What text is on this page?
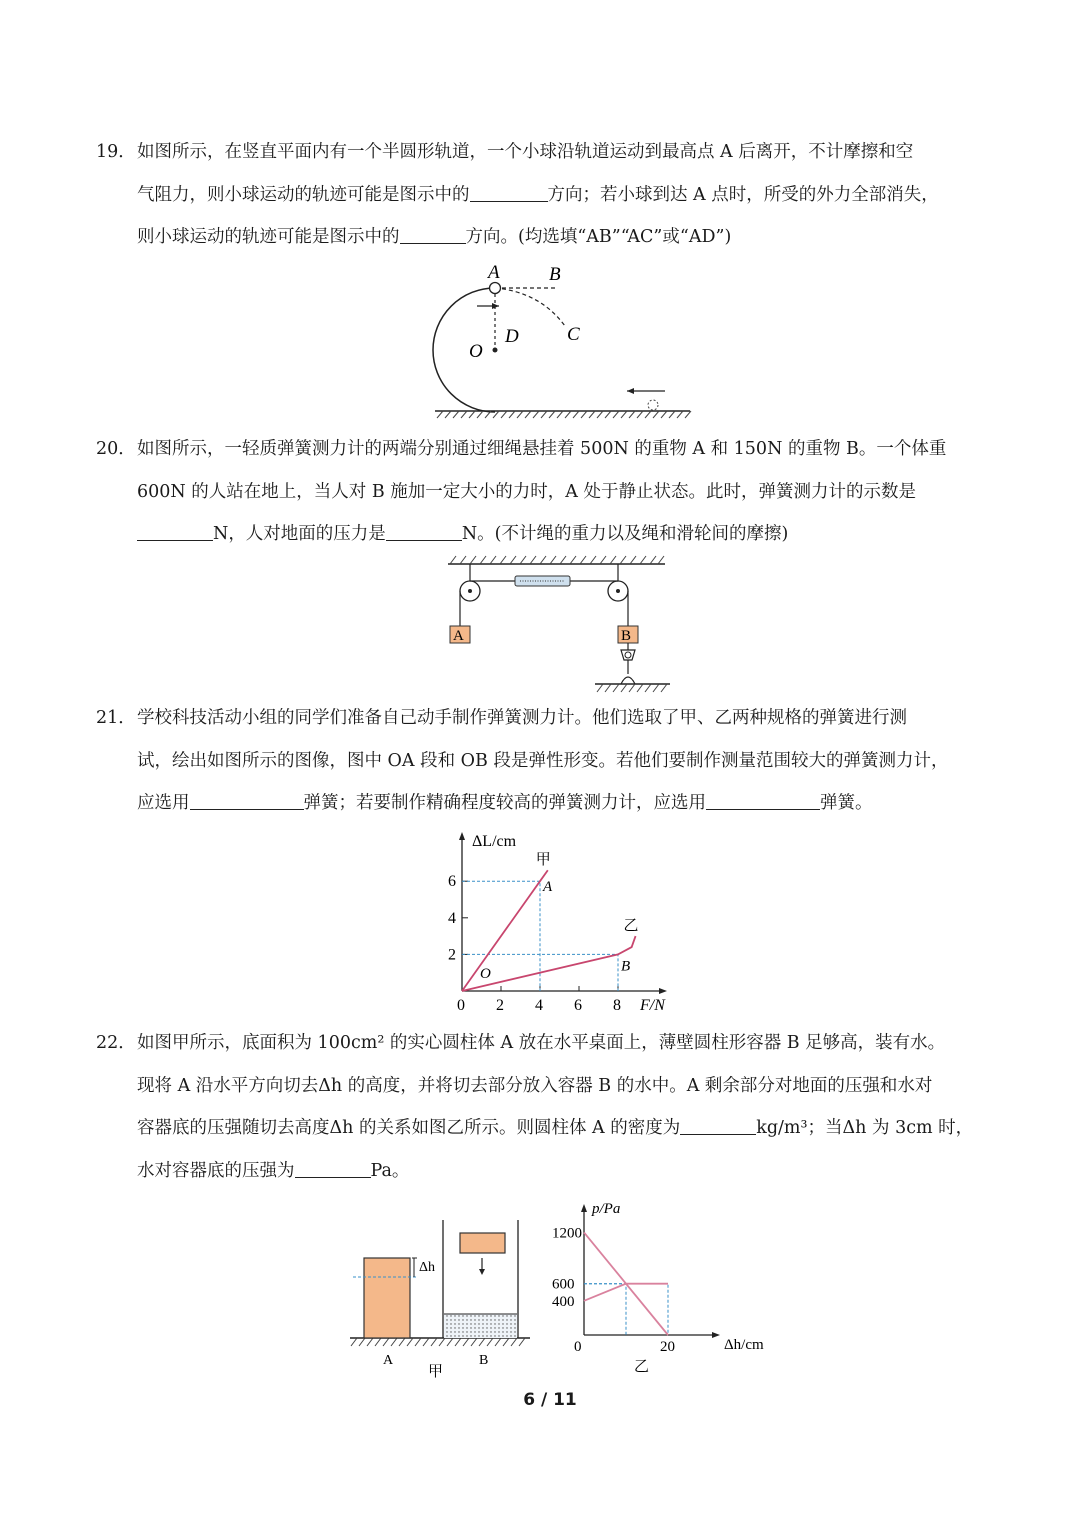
19． 如图所示，在竖直平面内有一个半圆形轨道，一个小球沿轨道运动到最高点 A 后离开，不计摩擦和空
气阻力，则小球运动的轨迹可能是图示中的	方向；若小球到达 A 点时，所受的外力全部消失，
则小球运动的轨迹可能是图示中的	方向。(均选填“AB”“AC”或“AD”)
A	B
C
D
O
20． 如图所示，一轻质弹簧测力计的两端分别通过细绳悬挂着 500N 的重物 A 和 150N 的重物 B。一个体重
600N 的人站在地上，当人对 B 施加一定大小的力时，A 处于静止状态。此时，弹簧测力计的示数是
N，人对地面的压力是	N。(不计绳的重力以及绳和滑轮间的摩擦)
A	B
21． 学校科技活动小组的同学们准备自己动手制作弹簧测力计。他们选取了甲、乙两种规格的弹簧进行测
试，绘出如图所示的图像，图中 OA 段和 OB 段是弹性形变。若他们要制作测量范围较大的弹簧测力计，
应选用	弹簧；若要制作精确程度较高的弹簧测力计，应选用	弹簧。
0 2 4 6 8
2
4
6
甲
A
乙
B
O
ΔL/cm
F/N
22． 如图甲所示，底面积为 100cm² 的实心圆柱体 A 放在水平桌面上，薄壁圆柱形容器 B 足够高，装有水。
现将 A 沿水平方向切去Δh 的高度，并将切去部分放入容器 B 的水中。A 剩余部分对地面的压强和水对
容器底的压强随切去高度Δh 的关系如图乙所示。则圆柱体 A 的密度为	kg/m³；当Δh 为 3cm 时，
水对容器底的压强为	Pa。
Δh
A	B
甲
400
600
1200
0	20
p/Pa
Δh/cm
乙
6 / 11
